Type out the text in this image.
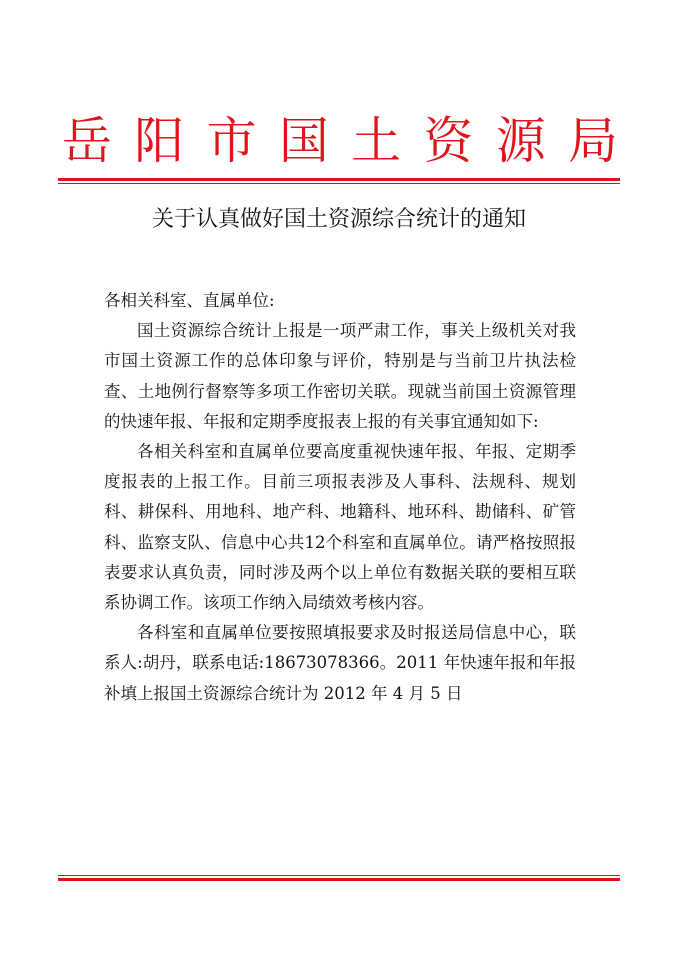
岳 阳 市 国 土 资 源 局
关于认真做好国土资源综合统计的通知

各相关科室、直属单位:

国土资源综合统计上报是一项严肃工作，事关上级机关对我市国土资源工作的总体印象与评价，特别是与当前卫片执法检查、土地例行督察等多项工作密切关联。现就当前国土资源管理的快速年报、年报和定期季度报表上报的有关事宜通知如下:

各相关科室和直属单位要高度重视快速年报、年报、定期季度报表的上报工作。目前三项报表涉及人事科、法规科、规划科、耕保科、用地科、地产科、地籍科、地环科、勘储科、矿管科、监察支队、信息中心共12个科室和直属单位。请严格按照报表要求认真负责，同时涉及两个以上单位有数据关联的要相互联系协调工作。该项工作纳入局绩效考核内容。

各科室和直属单位要按照填报要求及时报送局信息中心，联系人:胡丹，联系电话:18673078366。2011 年快速年报和年报补填上报国土资源综合统计为 2012 年 4 月 5 日
